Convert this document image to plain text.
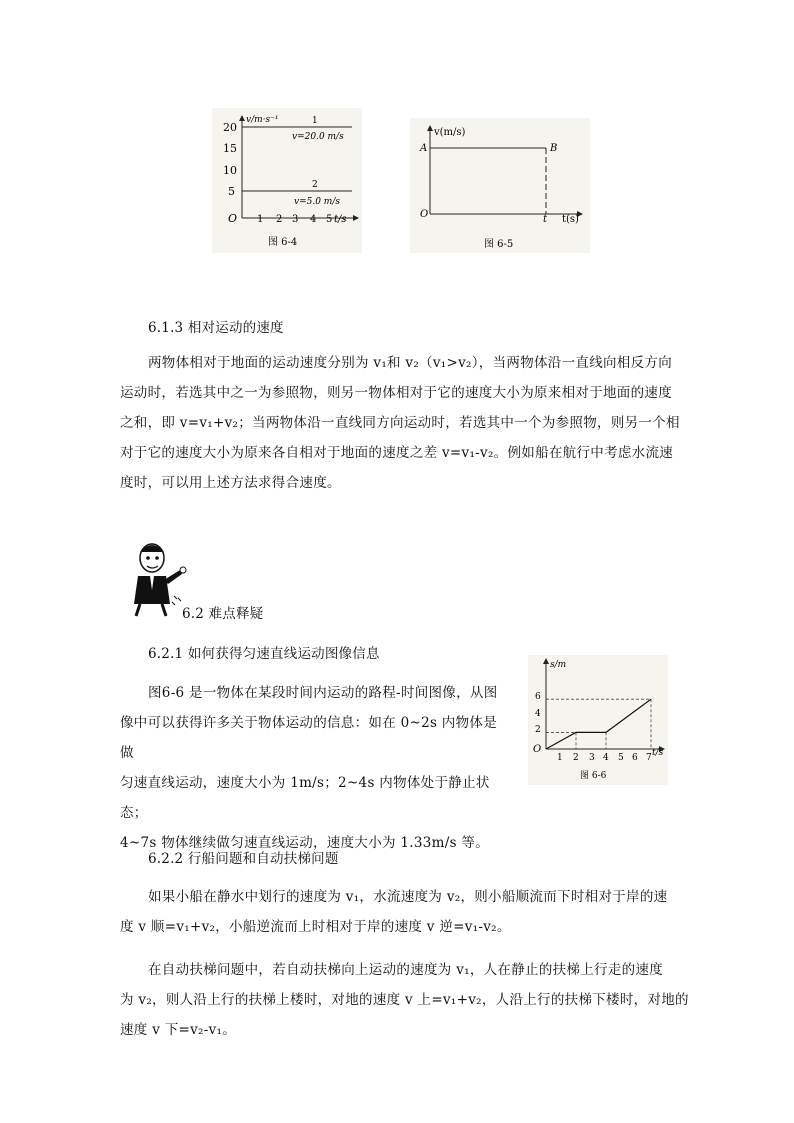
v/m·s⁻¹
20
15
10
5
1
v=20.0 m/s
2
v=5.0 m/s
O 1 2 3 4 5 t/s
图 6-4
v(m/s)
A	B
O	t t(s)
图 6-5
6.1.3 相对运动的速度
两物体相对于地面的运动速度分别为 v₁和 v₂（v₁>v₂），当两物体沿一直线向相反方向
运动时，若选其中之一为参照物，则另一物体相对于它的速度大小为原来相对于地面的速度
之和，即 v=v₁+v₂；当两物体沿一直线同方向运动时，若选其中一个为参照物，则另一个相
对于它的速度大小为原来各自相对于地面的速度之差 v=v₁-v₂。例如船在航行中考虑水流速
度时，可以用上述方法求得合速度。
6.2 难点释疑
6.2.1 如何获得匀速直线运动图像信息
图6-6 是一物体在某段时间内运动的路程-时间图像，从图
像中可以获得许多关于物体运动的信息：如在 0~2s 内物体是做
匀速直线运动，速度大小为 1m/s；2~4s 内物体处于静止状态；
4~7s 物体继续做匀速直线运动，速度大小为 1.33m/s 等。
s/m
6
4
2
O
1 2 3 4 5 6 7 t/s
图 6-6
6.2.2 行船问题和自动扶梯问题
如果小船在静水中划行的速度为 v₁，水流速度为 v₂，则小船顺流而下时相对于岸的速
度 v 顺=v₁+v₂，小船逆流而上时相对于岸的速度 v 逆=v₁-v₂。
在自动扶梯问题中，若自动扶梯向上运动的速度为 v₁，人在静止的扶梯上行走的速度
为 v₂，则人沿上行的扶梯上楼时，对地的速度 v 上=v₁+v₂，人沿上行的扶梯下楼时，对地的
速度 v 下=v₂-v₁。
